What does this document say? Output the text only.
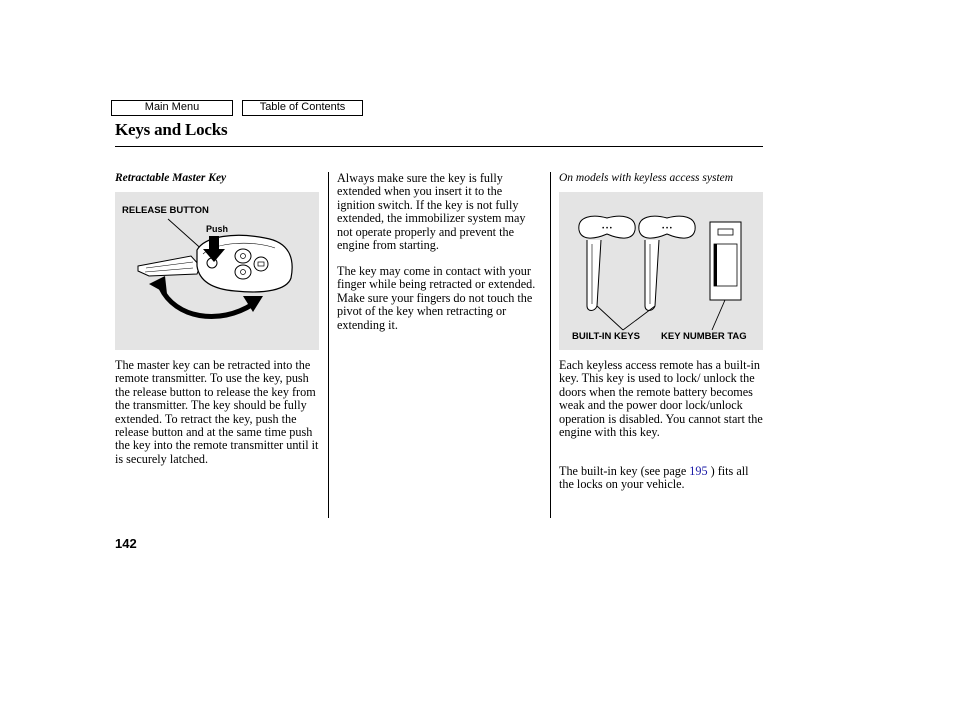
Main Menu	Table of Contents
Keys and Locks
Retractable Master Key
RELEASE BUTTON
Push

The master key can be retracted into the remote transmitter. To use the key, push the release button to release the key from the transmitter. The key should be fully extended. To retract the key, push the release button and at the same time push the key into the remote transmitter until it is securely latched.

Always make sure the key is fully extended when you insert it to the ignition switch. If the key is not fully extended, the immobilizer system may not operate properly and prevent the engine from starting.

The key may come in contact with your finger while being retracted or extended. Make sure your fingers do not touch the pivot of the key when retracting or extending it.

On models with keyless access system
• • •	• • •
BUILT-IN KEYS KEY NUMBER TAG

Each keyless access remote has a built-in key. This key is used to lock/ unlock the doors when the remote battery becomes weak and the power door lock/unlock operation is disabled. You cannot start the engine with this key.

The built-in key (see page 195 ) fits all the locks on your vehicle.

142
